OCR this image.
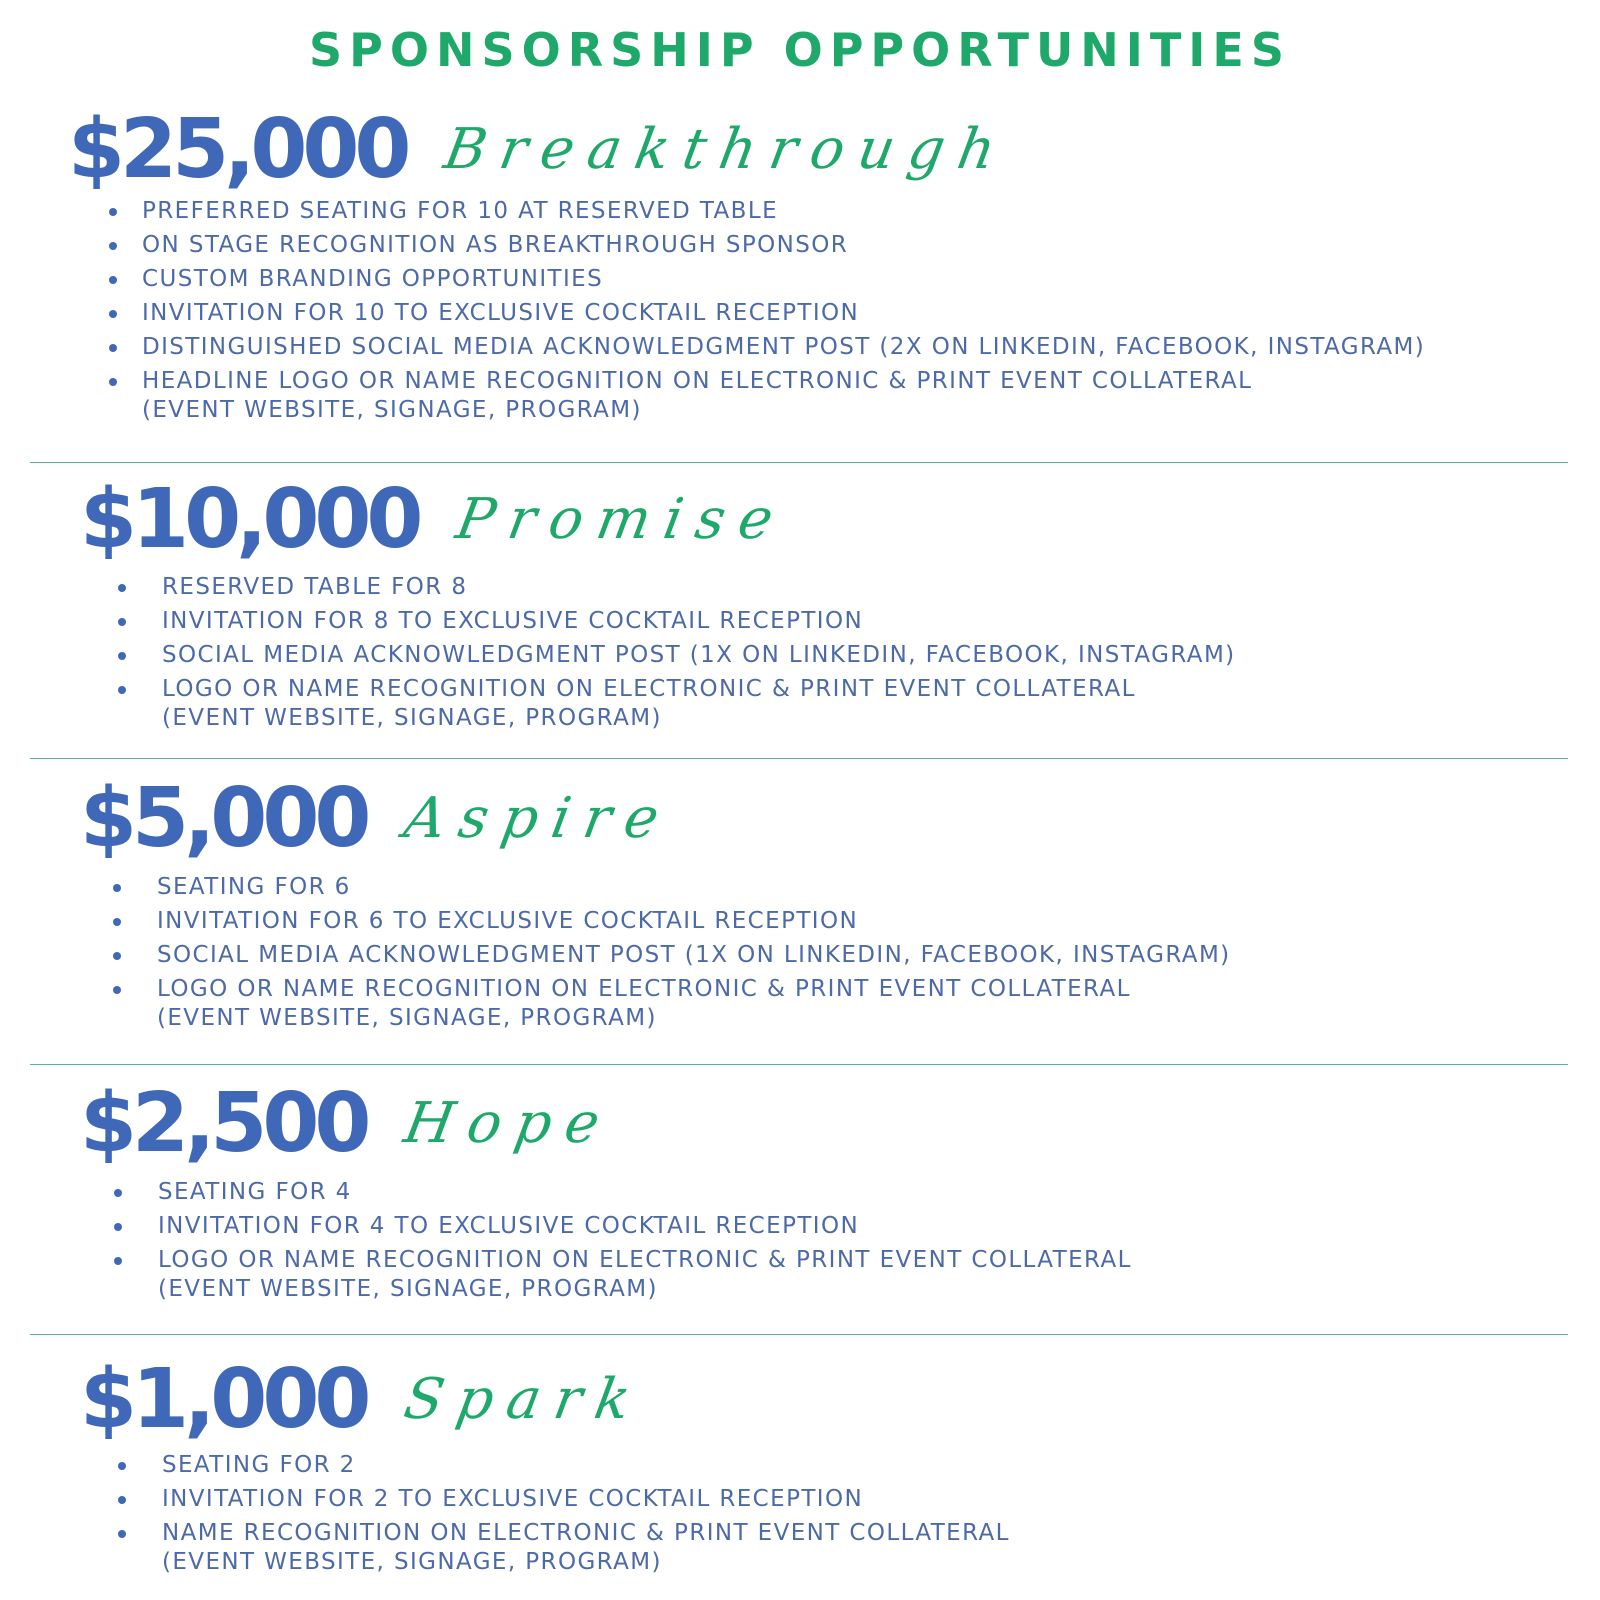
SPONSORSHIP OPPORTUNITIES
$25,000 Breakthrough
PREFERRED SEATING FOR 10 AT RESERVED TABLE
ON STAGE RECOGNITION AS BREAKTHROUGH SPONSOR
CUSTOM BRANDING OPPORTUNITIES
INVITATION FOR 10 TO EXCLUSIVE COCKTAIL RECEPTION
DISTINGUISHED SOCIAL MEDIA ACKNOWLEDGMENT POST (2X ON LINKEDIN, FACEBOOK, INSTAGRAM)
HEADLINE LOGO OR NAME RECOGNITION ON ELECTRONIC & PRINT EVENT COLLATERAL
(EVENT WEBSITE, SIGNAGE, PROGRAM)
$10,000 Promise
RESERVED TABLE FOR 8
INVITATION FOR 8 TO EXCLUSIVE COCKTAIL RECEPTION
SOCIAL MEDIA ACKNOWLEDGMENT POST (1X ON LINKEDIN, FACEBOOK, INSTAGRAM)
LOGO OR NAME RECOGNITION ON ELECTRONIC & PRINT EVENT COLLATERAL
(EVENT WEBSITE, SIGNAGE, PROGRAM)
$5,000 Aspire
SEATING FOR 6
INVITATION FOR 6 TO EXCLUSIVE COCKTAIL RECEPTION
SOCIAL MEDIA ACKNOWLEDGMENT POST (1X ON LINKEDIN, FACEBOOK, INSTAGRAM)
LOGO OR NAME RECOGNITION ON ELECTRONIC & PRINT EVENT COLLATERAL
(EVENT WEBSITE, SIGNAGE, PROGRAM)
$2,500 Hope
SEATING FOR 4
INVITATION FOR 4 TO EXCLUSIVE COCKTAIL RECEPTION
LOGO OR NAME RECOGNITION ON ELECTRONIC & PRINT EVENT COLLATERAL
(EVENT WEBSITE, SIGNAGE, PROGRAM)
$1,000 Spark
SEATING FOR 2
INVITATION FOR 2 TO EXCLUSIVE COCKTAIL RECEPTION
NAME RECOGNITION ON ELECTRONIC & PRINT EVENT COLLATERAL
(EVENT WEBSITE, SIGNAGE, PROGRAM)
